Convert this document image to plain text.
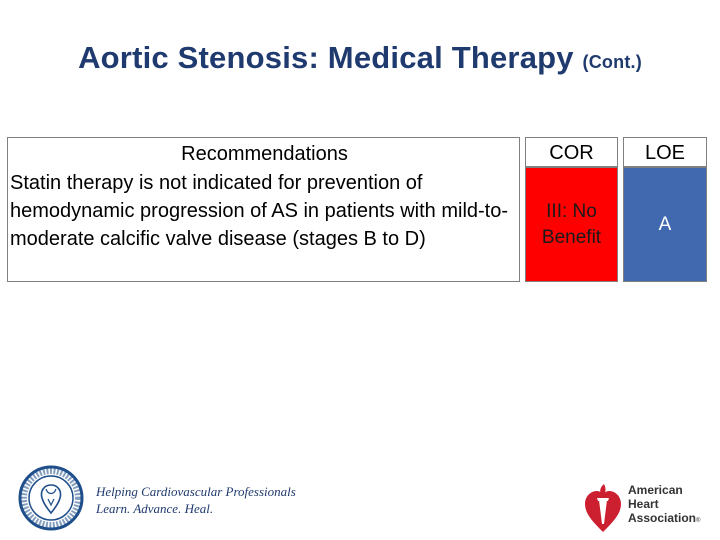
Aortic Stenosis: Medical Therapy (Cont.)
Recommendations
Statin therapy is not indicated for prevention of hemodynamic progression of AS in patients with mild-to-moderate calcific valve disease (stages B to D)
COR	LOE
III: No
Benefit
A
Helping Cardiovascular Professionals
Learn. Advance. Heal.
American
Heart
Association®
